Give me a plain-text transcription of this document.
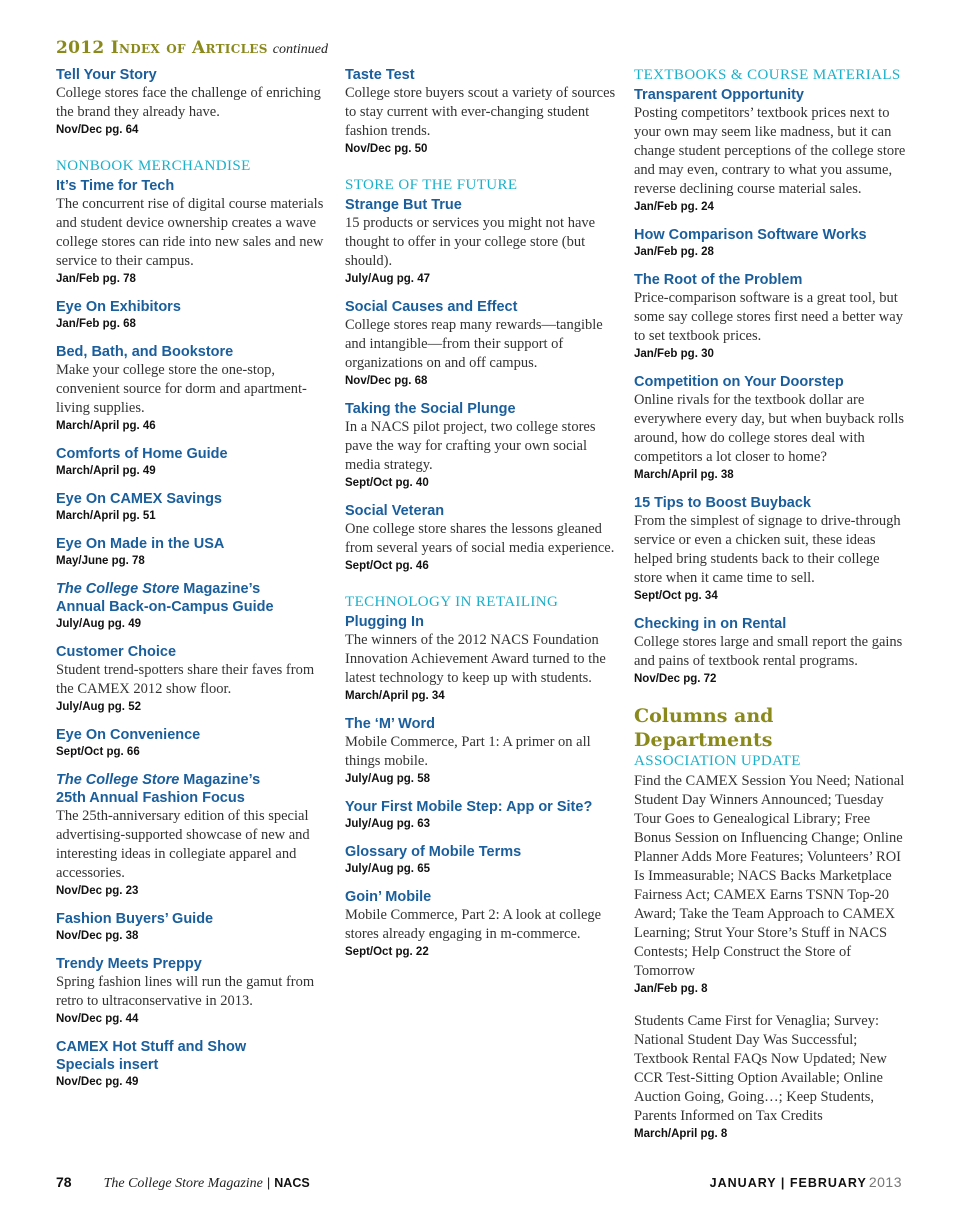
2012 Index of Articles continued
Tell Your Story
College stores face the challenge of enriching the brand they already have.
Nov/Dec pg. 64
NONBOOK MERCHANDISE
It’s Time for Tech
The concurrent rise of digital course materials and student device ownership creates a wave college stores can ride into new sales and new service to their campus.
Jan/Feb pg. 78
Eye On Exhibitors
Jan/Feb pg. 68
Bed, Bath, and Bookstore
Make your college store the one-stop, convenient source for dorm and apartment-living supplies.
March/April pg. 46
Comforts of Home Guide
March/April pg. 49
Eye On CAMEX Savings
March/April pg. 51
Eye On Made in the USA
May/June pg. 78
The College Store Magazine’s
Annual Back-on-Campus Guide
July/Aug pg. 49
Customer Choice
Student trend-spotters share their faves from the CAMEX 2012 show floor.
July/Aug pg. 52
Eye On Convenience
Sept/Oct pg. 66
The College Store Magazine’s
25th Annual Fashion Focus
The 25th-anniversary edition of this special advertising-supported showcase of new and interesting ideas in collegiate apparel and accessories.
Nov/Dec pg. 23
Fashion Buyers’ Guide
Nov/Dec pg. 38
Trendy Meets Preppy
Spring fashion lines will run the gamut from retro to ultraconservative in 2013.
Nov/Dec pg. 44
CAMEX Hot Stuff and Show
Specials insert
Nov/Dec pg. 49
Taste Test
College store buyers scout a variety of sources to stay current with ever-changing student fashion trends.
Nov/Dec pg. 50
STORE OF THE FUTURE
Strange But True
15 products or services you might not have thought to offer in your college store (but should).
July/Aug pg. 47
Social Causes and Effect
College stores reap many rewards—tangible and intangible—from their support of organizations on and off campus.
Nov/Dec pg. 68
Taking the Social Plunge
In a NACS pilot project, two college stores pave the way for crafting your own social media strategy.
Sept/Oct pg. 40
Social Veteran
One college store shares the lessons gleaned from several years of social media experience.
Sept/Oct pg. 46
TECHNOLOGY IN RETAILING
Plugging In
The winners of the 2012 NACS Foundation Innovation Achievement Award turned to the latest technology to keep up with students.
March/April pg. 34
The ‘M’ Word
Mobile Commerce, Part 1: A primer on all things mobile.
July/Aug pg. 58
Your First Mobile Step: App or Site?
July/Aug pg. 63
Glossary of Mobile Terms
July/Aug pg. 65
Goin’ Mobile
Mobile Commerce, Part 2: A look at college stores already engaging in m-commerce.
Sept/Oct pg. 22
TEXTBOOKS & COURSE MATERIALS
Transparent Opportunity
Posting competitors’ textbook prices next to your own may seem like madness, but it can change student perceptions of the college store and may even, contrary to what you assume, reverse declining course material sales.
Jan/Feb pg. 24
How Comparison Software Works
Jan/Feb pg. 28
The Root of the Problem
Price-comparison software is a great tool, but some say college stores first need a better way to set textbook prices.
Jan/Feb pg. 30
Competition on Your Doorstep
Online rivals for the textbook dollar are everywhere every day, but when buyback rolls around, how do college stores deal with competitors a lot closer to home?
March/April pg. 38
15 Tips to Boost Buyback
From the simplest of signage to drive-through service or even a chicken suit, these ideas helped bring students back to their college store when it came time to sell.
Sept/Oct pg. 34
Checking in on Rental
College stores large and small report the gains and pains of textbook rental programs.
Nov/Dec pg. 72
Columns and Departments
ASSOCIATION UPDATE
Find the CAMEX Session You Need; National Student Day Winners Announced; Tuesday Tour Goes to Genealogical Library; Free Bonus Session on Influencing Change; Online Planner Adds More Features; Volunteers’ ROI Is Immeasurable; NACS Backs Marketplace Fairness Act; CAMEX Earns TSNN Top-20 Award; Take the Team Approach to CAMEX Learning; Strut Your Store’s Stuff in NACS Contests; Help Construct the Store of Tomorrow
Jan/Feb pg. 8
Students Came First for Venaglia; Survey: National Student Day Was Successful; Textbook Rental FAQs Now Updated; New CCR Test-Sitting Option Available; Online Auction Going, Going…; Keep Students, Parents Informed on Tax Credits
March/April pg. 8
78 The College Store Magazine | NACS	JANUARY | FEBRUARY 2013
